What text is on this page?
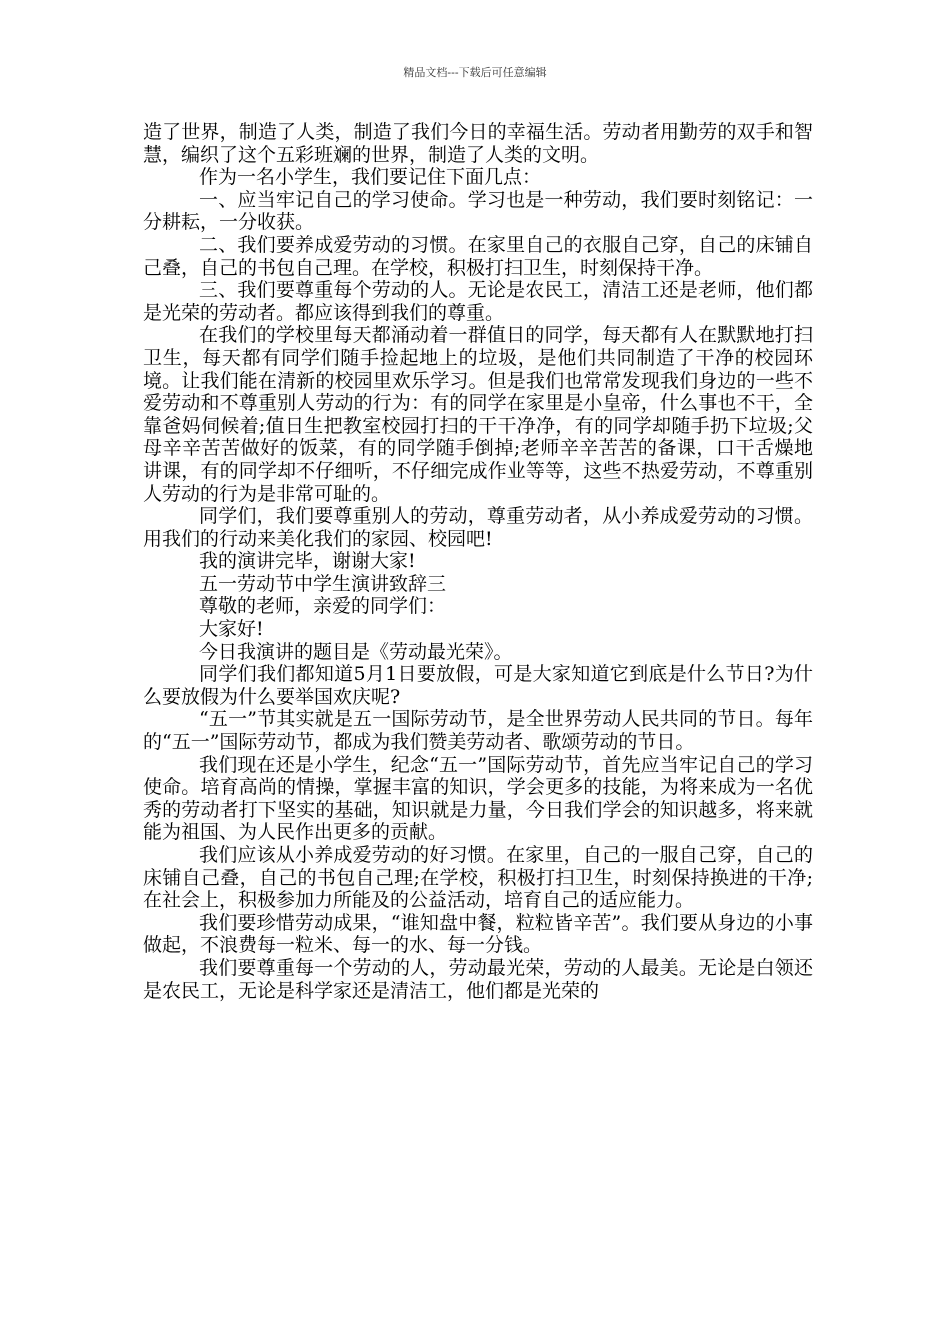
精品文档---下载后可任意编辑

造了世界，制造了人类，制造了我们今日的幸福生活。劳动者用勤劳的双手和智慧，编织了这个五彩班斓的世界，制造了人类的文明。

作为一名小学生，我们要记住下面几点：

一、应当牢记自己的学习使命。学习也是一种劳动，我们要时刻铭记：一分耕耘，一分收获。

二、我们要养成爱劳动的习惯。在家里自己的衣服自己穿，自己的床铺自己叠，自己的书包自己理。在学校，积极打扫卫生，时刻保持干净。

三、我们要尊重每个劳动的人。无论是农民工，清洁工还是老师，他们都是光荣的劳动者。都应该得到我们的尊重。

在我们的学校里每天都涌动着一群值日的同学，每天都有人在默默地打扫卫生，每天都有同学们随手捡起地上的垃圾，是他们共同制造了干净的校园环境。让我们能在清新的校园里欢乐学习。但是我们也常常发现我们身边的一些不爱劳动和不尊重别人劳动的行为：有的同学在家里是小皇帝，什么事也不干，全靠爸妈伺候着;值日生把教室校园打扫的干干净净，有的同学却随手扔下垃圾;父母辛辛苦苦做好的饭菜，有的同学随手倒掉;老师辛辛苦苦的备课，口干舌燥地讲课，有的同学却不仔细听，不仔细完成作业等等，这些不热爱劳动，不尊重别人劳动的行为是非常可耻的。

同学们，我们要尊重别人的劳动，尊重劳动者，从小养成爱劳动的习惯。用我们的行动来美化我们的家园、校园吧!

我的演讲完毕，谢谢大家!

五一劳动节中学生演讲致辞三

尊敬的老师，亲爱的同学们：

大家好!

今日我演讲的题目是《劳动最光荣》。

同学们我们都知道5月1日要放假，可是大家知道它到底是什么节日?为什么要放假为什么要举国欢庆呢?

“五一”节其实就是五一国际劳动节，是全世界劳动人民共同的节日。每年的“五一”国际劳动节，都成为我们赞美劳动者、歌颂劳动的节日。

我们现在还是小学生，纪念“五一”国际劳动节，首先应当牢记自己的学习使命。培育高尚的情操，掌握丰富的知识，学会更多的技能，为将来成为一名优秀的劳动者打下坚实的基础，知识就是力量，今日我们学会的知识越多，将来就能为祖国、为人民作出更多的贡献。

我们应该从小养成爱劳动的好习惯。在家里，自己的一服自己穿，自己的床铺自己叠，自己的书包自己理;在学校，积极打扫卫生，时刻保持换进的干净;在社会上，积极参加力所能及的公益活动，培育自己的适应能力。

我们要珍惜劳动成果，“谁知盘中餐，粒粒皆辛苦”。我们要从身边的小事做起，不浪费每一粒米、每一的水、每一分钱。

我们要尊重每一个劳动的人，劳动最光荣，劳动的人最美。无论是白领还是农民工，无论是科学家还是清洁工，他们都是光荣的
